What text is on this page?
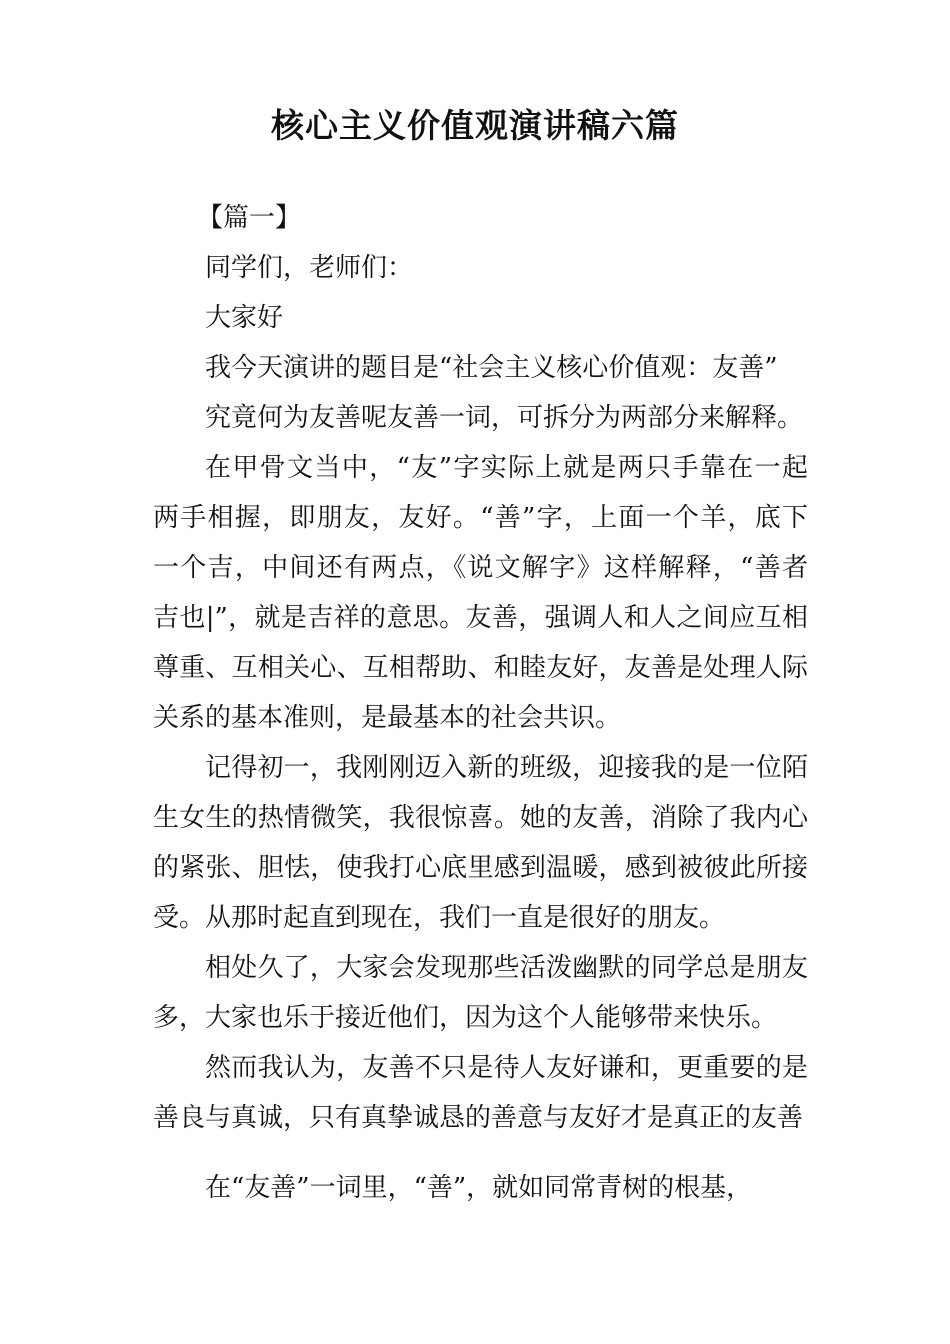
核心主义价值观演讲稿六篇

【篇一】

同学们，老师们：

大家好

我今天演讲的题目是“社会主义核心价值观：友善”

究竟何为友善呢友善一词，可拆分为两部分来解释。

在甲骨文当中，“友”字实际上就是两只手靠在一起

两手相握，即朋友，友好。“善”字，上面一个羊，底下

一个吉，中间还有两点，《说文解字》这样解释，“善者

吉也|”，就是吉祥的意思。友善，强调人和人之间应互相

尊重、互相关心、互相帮助、和睦友好，友善是处理人际

关系的基本准则，是最基本的社会共识。

记得初一，我刚刚迈入新的班级，迎接我的是一位陌

生女生的热情微笑，我很惊喜。她的友善，消除了我内心

的紧张、胆怯，使我打心底里感到温暖，感到被彼此所接

受。从那时起直到现在，我们一直是很好的朋友。

相处久了，大家会发现那些活泼幽默的同学总是朋友

多，大家也乐于接近他们，因为这个人能够带来快乐。

然而我认为，友善不只是待人友好谦和，更重要的是

善良与真诚，只有真挚诚恳的善意与友好才是真正的友善

在“友善”一词里，“善”，就如同常青树的根基，
